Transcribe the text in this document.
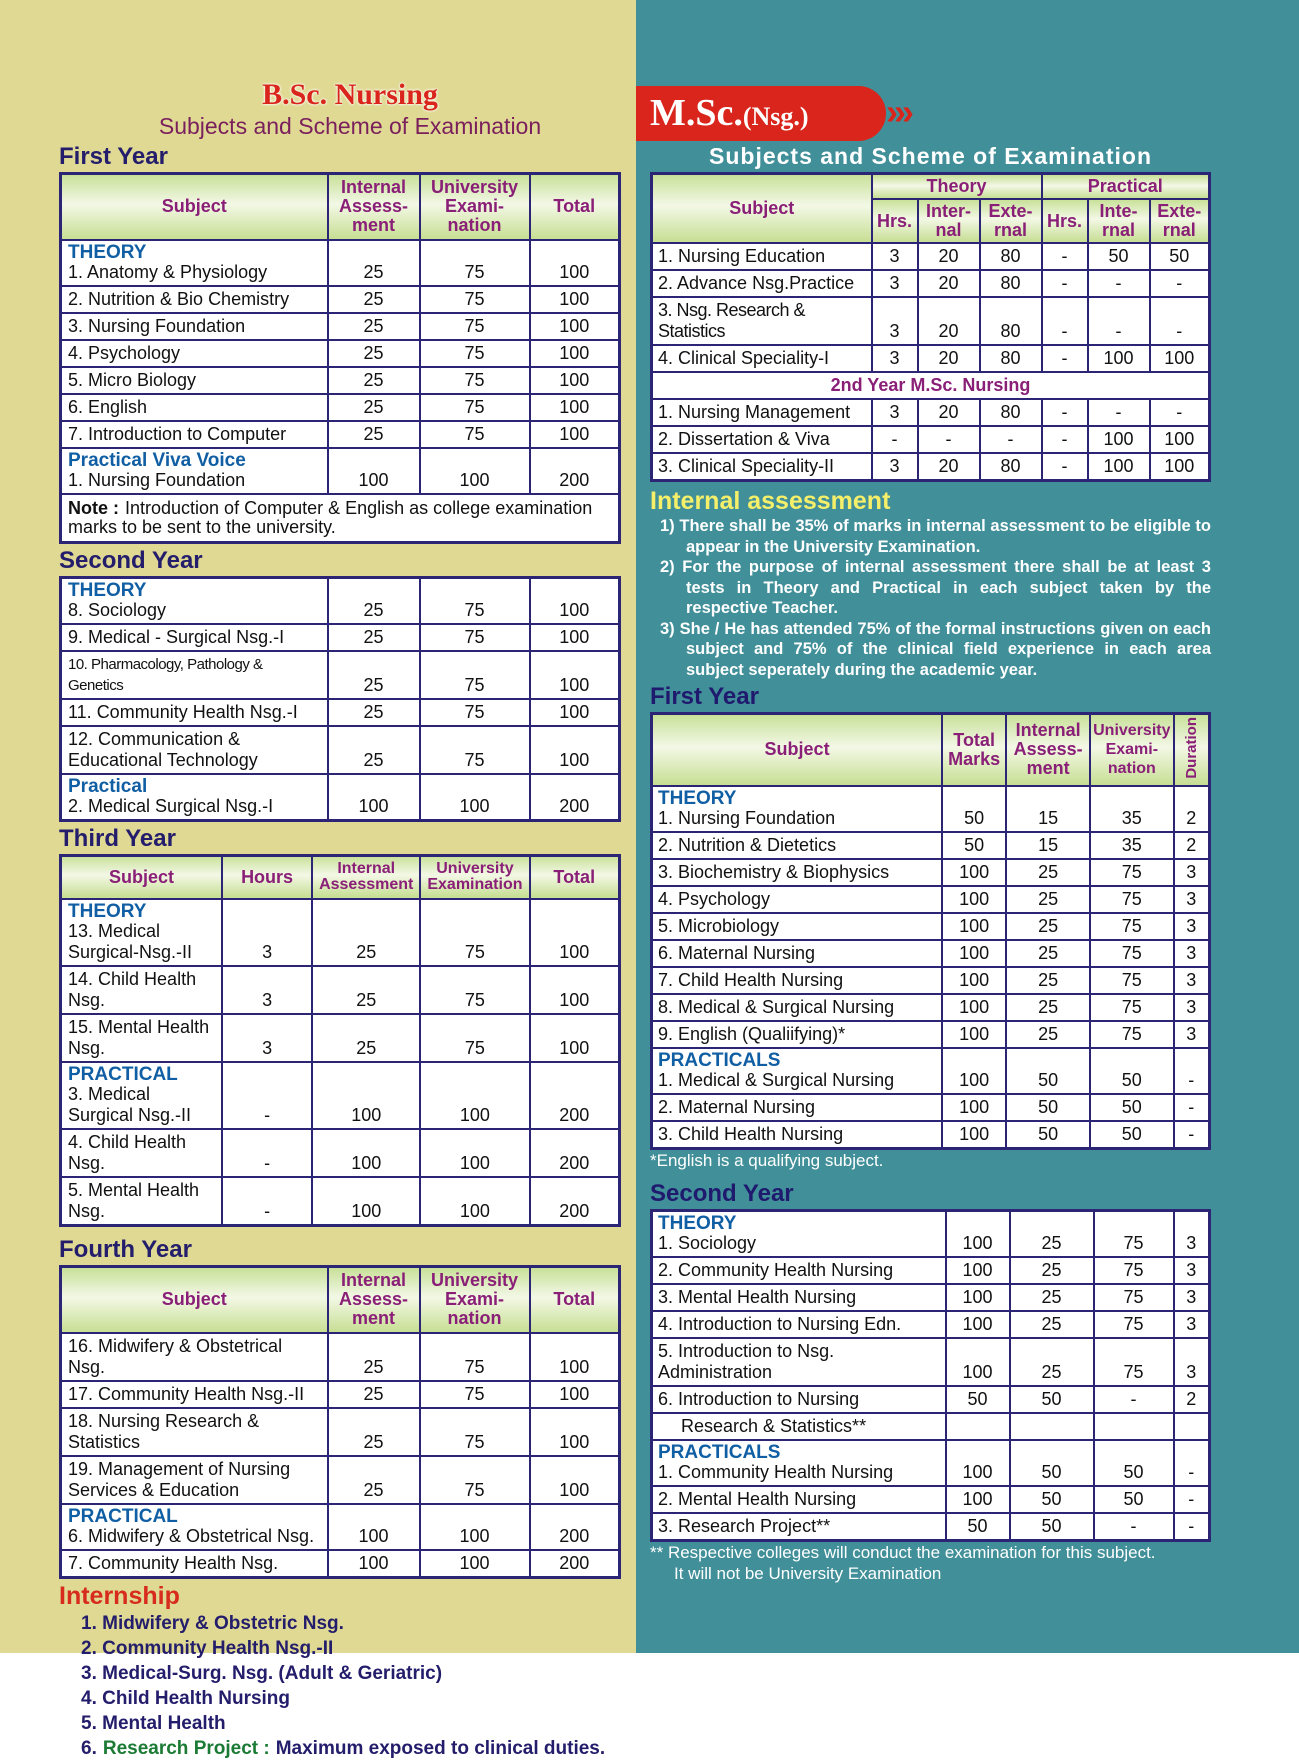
B.Sc. Nursing
Subjects and Scheme of Examination
First Year
Subject	Internal Assess- ment	University Exami- nation	Total

THEORY
1. Anatomy & Physiology	25	75	100
2. Nutrition & Bio Chemistry	25	75	100
3. Nursing Foundation	25	75	100
4. Psychology	25	75	100
5. Micro Biology	25	75	100
6. English	25	75	100
7. Introduction to Computer	25	75	100

Practical Viva Voice
1. Nursing Foundation	100	100	200
Note : Introduction of Computer & English as college examination marks to be sent to the university.			
Second Year
THEORY
8. Sociology	25	75	100
9. Medical - Surgical Nsg.-I	25	75	100
10. Pharmacology, Pathology & Genetics	25	75	100
11. Community Health Nsg.-I	25	75	100
12. Communication & Educational Technology	25	75	100

Practical
2. Medical Surgical Nsg.-I	100	100	200
Third Year
Subject	Hours	Internal Assessment	University Examination	Total

THEORY
13. Medical Surgical-Nsg.-II	3	25	75	100
14. Child Health Nsg.	3	25	75	100
15. Mental Health Nsg.	3	25	75	100

PRACTICAL
3. Medical Surgical Nsg.-II	-	100	100	200
4. Child Health Nsg.	-	100	100	200
5. Mental Health Nsg.	-	100	100	200
Fourth Year
Subject	Internal Assess- ment	University Exami- nation	Total
16. Midwifery & Obstetrical Nsg.	25	75	100
17. Community Health Nsg.-II	25	75	100
18. Nursing Research & Statistics	25	75	100
19. Management of Nursing Services & Education	25	75	100

PRACTICAL
6. Midwifery & Obstetrical Nsg.	100	100	200
7. Community Health Nsg.	100	100	200
Internship
1. Midwifery & Obstetric Nsg.
2. Community Health Nsg.-II
3. Medical-Surg. Nsg. (Adult & Geriatric)
4. Child Health Nursing
5. Mental Health
6. Research Project : Maximum exposed to clinical duties.
M.Sc.(Nsg.)	›››
Subjects and Scheme of Examination
Subject	Theory			Practical		
	Hrs.	Inter- nal	Exte- rnal	Hrs.	Inte- rnal	Exte- rnal
1. Nursing Education	3	20	80	-	50	50
2. Advance Nsg.Practice	3	20	80	-	-	-
3. Nsg. Research & Statistics	3	20	80	-	-	-
4. Clinical Speciality-I	3	20	80	-	100	100
2nd Year M.Sc. Nursing						
1. Nursing Management	3	20	80	-	-	-
2. Dissertation & Viva	-	-	-	-	100	100
3. Clinical Speciality-II	3	20	80	-	100	100
Internal assessment
1) There shall be 35% of marks in internal assessment to be eligible to appear in the University Examination.
2) For the purpose of internal assessment there shall be at least 3 tests in Theory and Practical in each subject taken by the respective Teacher.
3) She / He has attended 75% of the formal instructions given on each subject and 75% of the clinical field experience in each area subject seperately during the academic year.
First Year
Subject	Total Marks	Internal Assess- ment	University Exami- nation	Duration

THEORY
1. Nursing Foundation	50	15	35	2
2. Nutrition & Dietetics	50	15	35	2
3. Biochemistry & Biophysics	100	25	75	3
4. Psychology	100	25	75	3
5. Microbiology	100	25	75	3
6. Maternal Nursing	100	25	75	3
7. Child Health Nursing	100	25	75	3
8. Medical & Surgical Nursing	100	25	75	3
9. English (Qualiifying)*	100	25	75	3

PRACTICALS
1. Medical & Surgical Nursing	100	50	50	-
2. Maternal Nursing	100	50	50	-
3. Child Health Nursing	100	50	50	-
*English is a qualifying subject.
Second Year
THEORY
1. Sociology	100	25	75	3
2. Community Health Nursing	100	25	75	3
3. Mental Health Nursing	100	25	75	3
4. Introduction to Nursing Edn.	100	25	75	3
5. Introduction to Nsg. Administration	100	25	75	3
6. Introduction to Nursing	50	50	-	2
Research & Statistics**				

PRACTICALS
1. Community Health Nursing	100	50	50	-
2. Mental Health Nursing	100	50	50	-
3. Research Project**	50	50	-	-
** Respective colleges will conduct the examination for this subject.
It will not be University Examination
